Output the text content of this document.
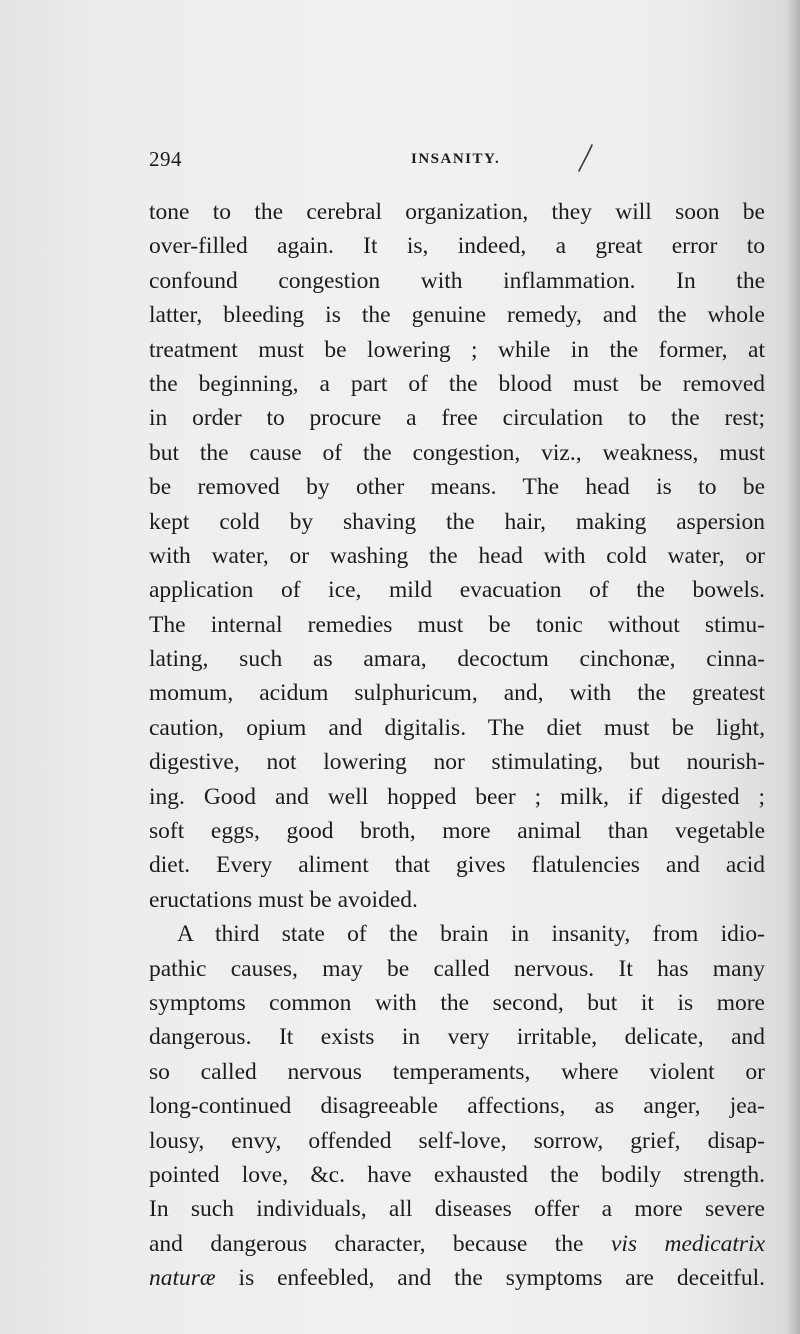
294	INSANITY.
tone to the cerebral organization, they will soon be
over-filled again. It is, indeed, a great error to
confound congestion with inflammation. In the
latter, bleeding is the genuine remedy, and the whole
treatment must be lowering ; while in the former, at
the beginning, a part of the blood must be removed
in order to procure a free circulation to the rest;
but the cause of the congestion, viz., weakness, must
be removed by other means. The head is to be
kept cold by shaving the hair, making aspersion
with water, or washing the head with cold water, or
application of ice, mild evacuation of the bowels.
The internal remedies must be tonic without stimu-
lating, such as amara, decoctum cinchonæ, cinna-
momum, acidum sulphuricum, and, with the greatest
caution, opium and digitalis. The diet must be light,
digestive, not lowering nor stimulating, but nourish-
ing. Good and well hopped beer ; milk, if digested ;
soft eggs, good broth, more animal than vegetable
diet. Every aliment that gives flatulencies and acid
eructations must be avoided.
A third state of the brain in insanity, from idio-
pathic causes, may be called nervous. It has many
symptoms common with the second, but it is more
dangerous. It exists in very irritable, delicate, and
so called nervous temperaments, where violent or
long-continued disagreeable affections, as anger, jea-
lousy, envy, offended self-love, sorrow, grief, disap-
pointed love, &c. have exhausted the bodily strength.
In such individuals, all diseases offer a more severe
and dangerous character, because the vis medicatrix
naturæ is enfeebled, and the symptoms are deceitful.
